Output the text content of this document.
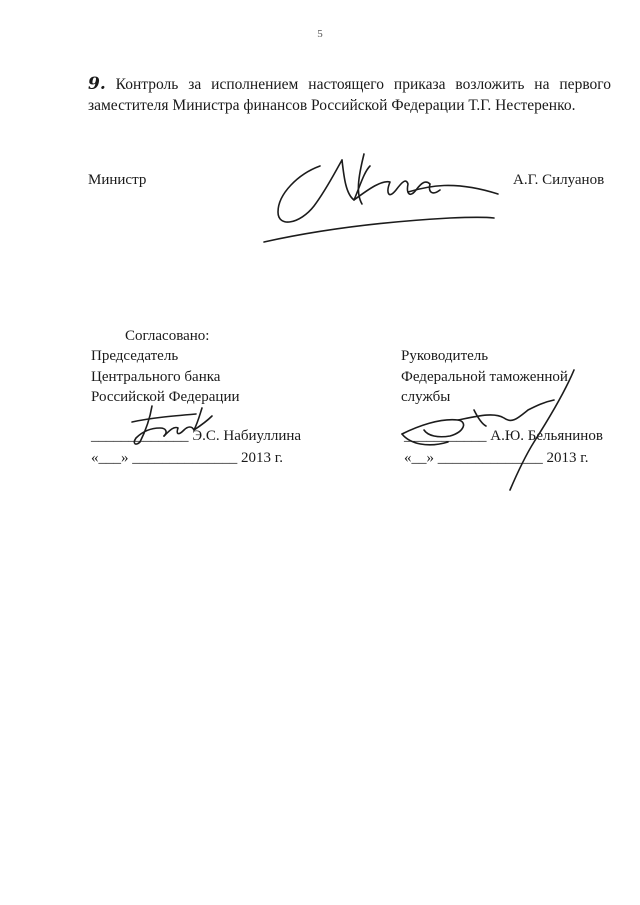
5
9. Контроль за исполнением настоящего приказа возложить на первого
заместителя Министра финансов Российской Федерации Т.Г. Нестеренко.
Министр	А.Г. Силуанов
Согласовано:
Председатель
Центрального банка
Российской Федерации
_____________ Э.С. Набиуллина
«___» ______________ 2013 г.
Руководитель
Федеральной таможенной
службы
___________ А.Ю. Бельянинов
«__» ______________ 2013 г.
